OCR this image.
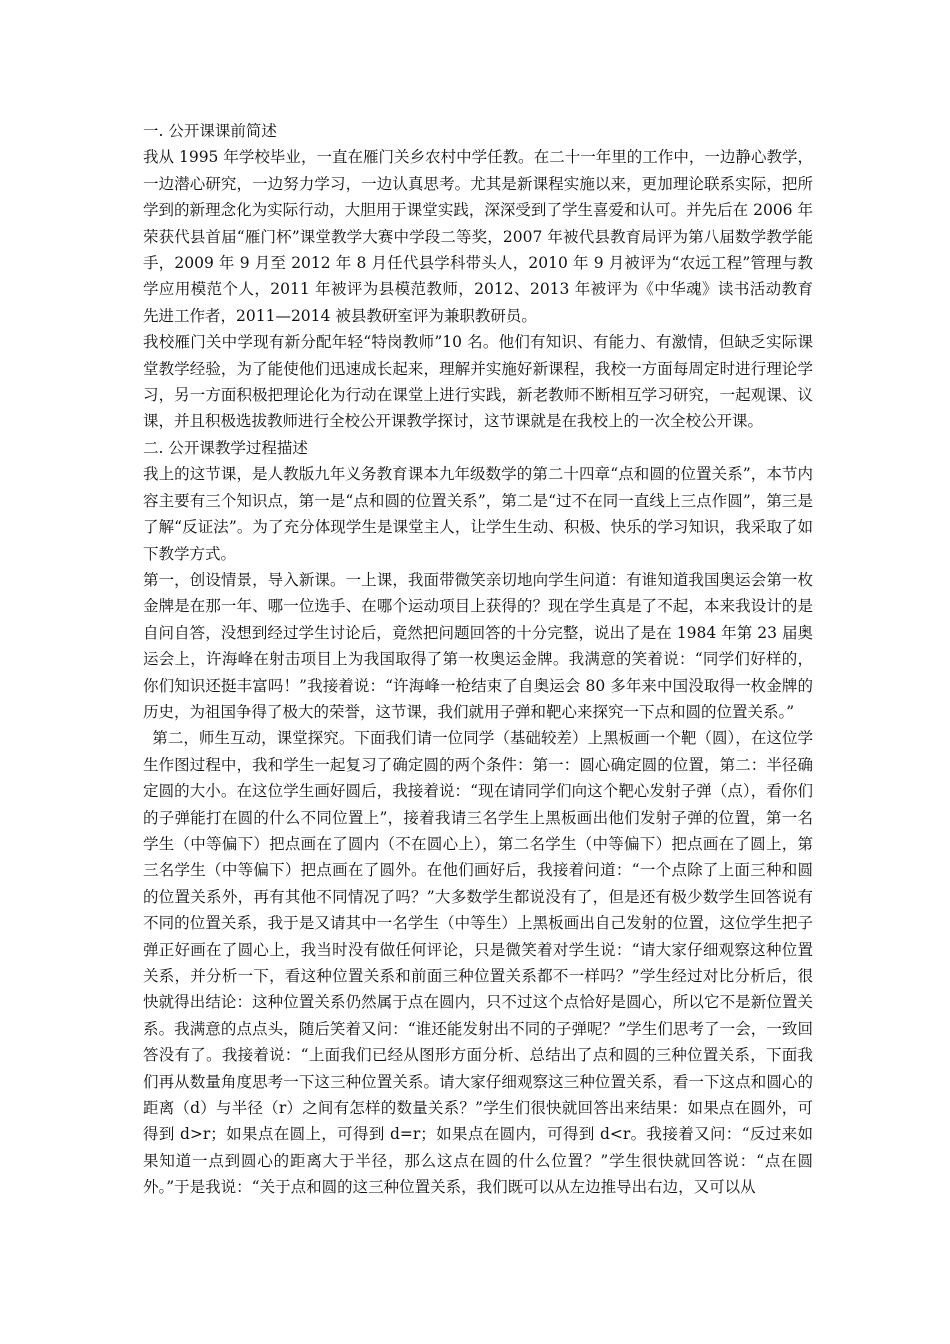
一. 公开课课前简述

我从 1995 年学校毕业，一直在雁门关乡农村中学任教。在二十一年里的工作中，一边静心教学，一边潜心研究，一边努力学习，一边认真思考。尤其是新课程实施以来，更加理论联系实际，把所学到的新理念化为实际行动，大胆用于课堂实践，深深受到了学生喜爱和认可。并先后在 2006 年荣获代县首届“雁门杯”课堂教学大赛中学段二等奖，2007 年被代县教育局评为第八届数学教学能手，2009 年 9 月至 2012 年 8 月任代县学科带头人，2010 年 9 月被评为“农远工程”管理与教学应用模范个人，2011 年被评为县模范教师，2012、2013 年被评为《中华魂》读书活动教育先进工作者，2011—2014 被县教研室评为兼职教研员。

我校雁门关中学现有新分配年轻“特岗教师”10 名。他们有知识、有能力、有激情，但缺乏实际课堂教学经验，为了能使他们迅速成长起来，理解并实施好新课程，我校一方面每周定时进行理论学习，另一方面积极把理论化为行动在课堂上进行实践，新老教师不断相互学习研究，一起观课、议课，并且积极选拔教师进行全校公开课教学探讨，这节课就是在我校上的一次全校公开课。

二. 公开课教学过程描述

我上的这节课，是人教版九年义务教育课本九年级数学的第二十四章“点和圆的位置关系”，本节内容主要有三个知识点，第一是“点和圆的位置关系”，第二是“过不在同一直线上三点作圆”，第三是了解“反证法”。为了充分体现学生是课堂主人，让学生生动、积极、快乐的学习知识，我采取了如下教学方式。

第一，创设情景，导入新课。一上课，我面带微笑亲切地向学生问道：有谁知道我国奥运会第一枚金牌是在那一年、哪一位选手、在哪个运动项目上获得的？现在学生真是了不起，本来我设计的是自问自答，没想到经过学生讨论后，竟然把问题回答的十分完整，说出了是在 1984 年第 23 届奥运会上，许海峰在射击项目上为我国取得了第一枚奥运金牌。我满意的笑着说：“同学们好样的，你们知识还挺丰富吗！”我接着说：“许海峰一枪结束了自奥运会 80 多年来中国没取得一枚金牌的历史，为祖国争得了极大的荣誉，这节课，我们就用子弹和靶心来探究一下点和圆的位置关系。”

第二，师生互动，课堂探究。下面我们请一位同学（基础较差）上黑板画一个靶（圆），在这位学生作图过程中，我和学生一起复习了确定圆的两个条件：第一：圆心确定圆的位置，第二：半径确定圆的大小。在这位学生画好圆后，我接着说：“现在请同学们向这个靶心发射子弹（点），看你们的子弹能打在圆的什么不同位置上”，接着我请三名学生上黑板画出他们发射子弹的位置，第一名学生（中等偏下）把点画在了圆内（不在圆心上），第二名学生（中等偏下）把点画在了圆上，第三名学生（中等偏下）把点画在了圆外。在他们画好后，我接着问道：“一个点除了上面三种和圆的位置关系外，再有其他不同情况了吗？”大多数学生都说没有了，但是还有极少数学生回答说有不同的位置关系，我于是又请其中一名学生（中等生）上黑板画出自己发射的位置，这位学生把子弹正好画在了圆心上，我当时没有做任何评论，只是微笑着对学生说：“请大家仔细观察这种位置关系，并分析一下，看这种位置关系和前面三种位置关系都不一样吗？”学生经过对比分析后，很快就得出结论：这种位置关系仍然属于点在圆内，只不过这个点恰好是圆心，所以它不是新位置关系。我满意的点点头，随后笑着又问：“谁还能发射出不同的子弹呢？”学生们思考了一会，一致回答没有了。我接着说：“上面我们已经从图形方面分析、总结出了点和圆的三种位置关系，下面我们再从数量角度思考一下这三种位置关系。请大家仔细观察这三种位置关系，看一下这点和圆心的距离（d）与半径（r）之间有怎样的数量关系？”学生们很快就回答出来结果：如果点在圆外，可得到 d>r；如果点在圆上，可得到 d=r；如果点在圆内，可得到 d<r。我接着又问：“反过来如果知道一点到圆心的距离大于半径，那么这点在圆的什么位置？”学生很快就回答说：“点在圆外。”于是我说：“关于点和圆的这三种位置关系，我们既可以从左边推导出右边，又可以从
